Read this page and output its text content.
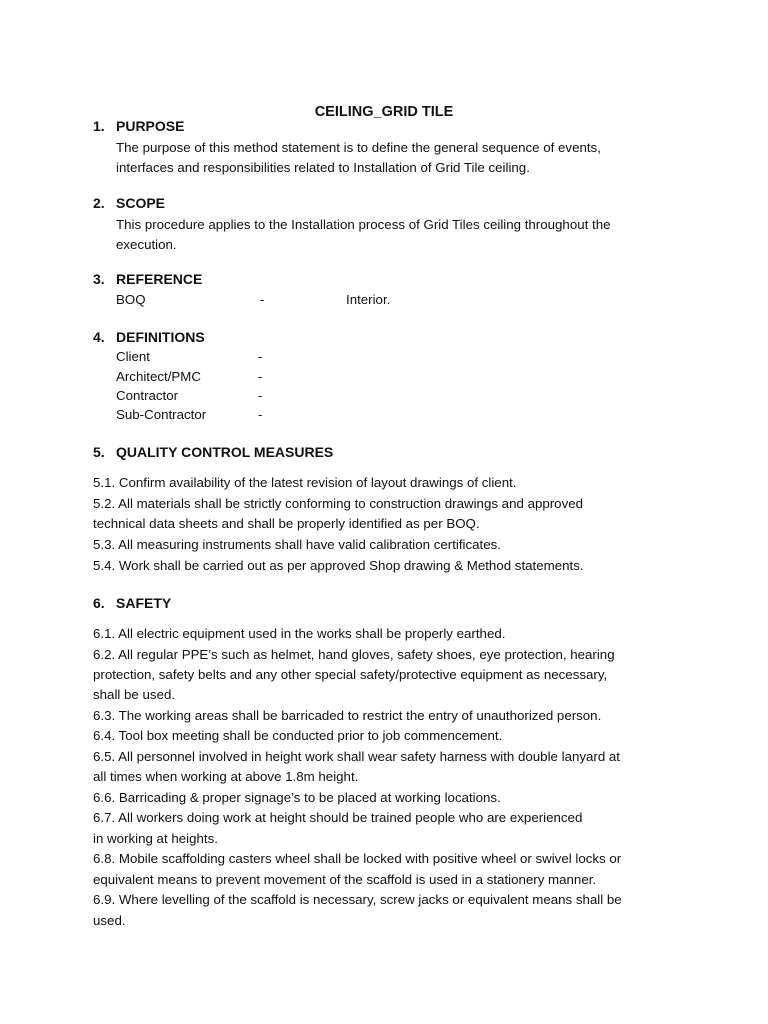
CEILING_GRID TILE
1. PURPOSE
The purpose of this method statement is to define the general sequence of events, interfaces and responsibilities related to Installation of Grid Tile ceiling.
2. SCOPE
This procedure applies to the Installation process of Grid Tiles ceiling throughout the execution.
3. REFERENCE
BOQ	-	Interior.
4. DEFINITIONS
Client	-
Architect/PMC	-
Contractor	-
Sub-Contractor	-
5. QUALITY CONTROL MEASURES
5.1. Confirm availability of the latest revision of layout drawings of client.
5.2. All materials shall be strictly conforming to construction drawings and approved
technical data sheets and shall be properly identified as per BOQ.
5.3. All measuring instruments shall have valid calibration certificates.
5.4. Work shall be carried out as per approved Shop drawing & Method statements.
6. SAFETY
6.1. All electric equipment used in the works shall be properly earthed.
6.2. All regular PPE’s such as helmet, hand gloves, safety shoes, eye protection, hearing
protection, safety belts and any other special safety/protective equipment as necessary,
shall be used.
6.3. The working areas shall be barricaded to restrict the entry of unauthorized person.
6.4. Tool box meeting shall be conducted prior to job commencement.
6.5. All personnel involved in height work shall wear safety harness with double lanyard at
all times when working at above 1.8m height.
6.6. Barricading & proper signage’s to be placed at working locations.
6.7. All workers doing work at height should be trained people who are experienced
in working at heights.
6.8. Mobile scaffolding casters wheel shall be locked with positive wheel or swivel locks or
equivalent means to prevent movement of the scaffold is used in a stationery manner.
6.9. Where levelling of the scaffold is necessary, screw jacks or equivalent means shall be
used.
